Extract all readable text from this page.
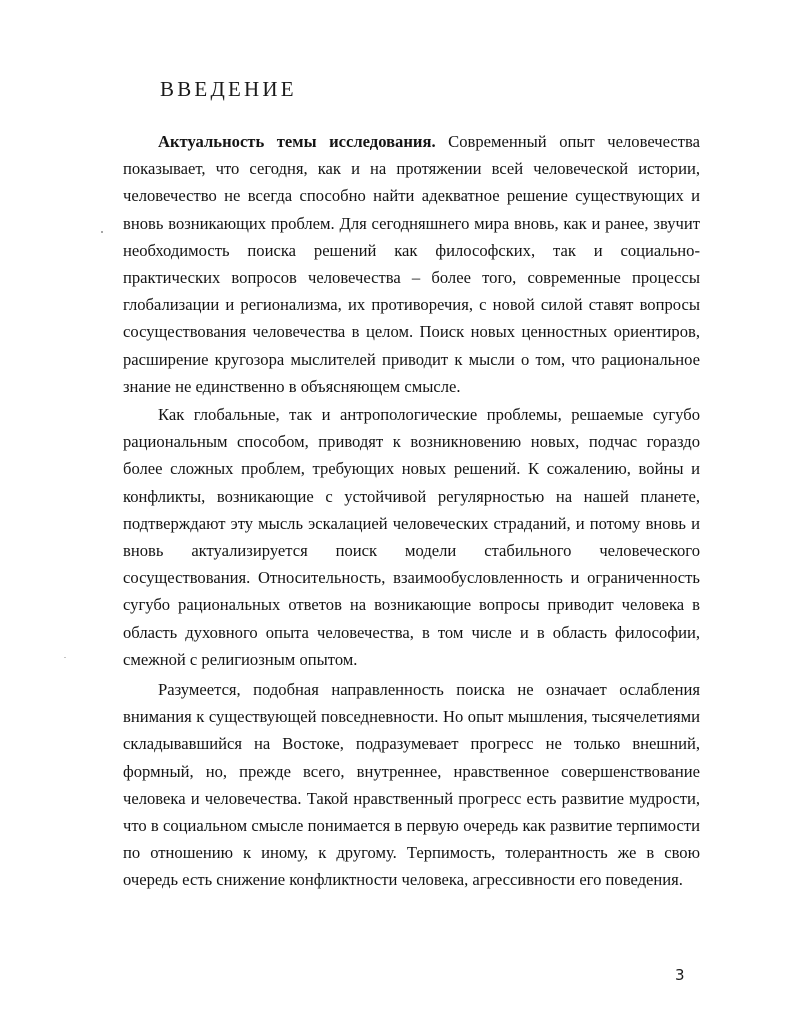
ВВЕДЕНИЕ

Актуальность темы исследования. Современный опыт человечества показывает, что сегодня, как и на протяжении всей человеческой истории, человечество не всегда способно найти адекватное решение существующих и вновь возникающих проблем. Для сегодняшнего мира вновь, как и ранее, звучит необходимость поиска решений как философских, так и социально-практических вопросов человечества – более того, современные процессы глобализации и регионализма, их противоречия, с новой силой ставят вопросы сосуществования человечества в целом. Поиск новых ценностных ориентиров, расширение кругозора мыслителей приводит к мысли о том, что рациональное знание не единственно в объясняющем смысле.

Как глобальные, так и антропологические проблемы, решаемые сугубо рациональным способом, приводят к возникновению новых, подчас гораздо более сложных проблем, требующих новых решений. К сожалению, войны и конфликты, возникающие с устойчивой регулярностью на нашей планете, подтверждают эту мысль эскалацией человеческих страданий, и потому вновь и вновь актуализируется поиск модели стабильного человеческого сосуществования. Относительность, взаимообусловленность и ограниченность сугубо рациональных ответов на возникающие вопросы приводит человека в область духовного опыта человечества, в том числе и в область философии, смежной с религиозным опытом.

Разумеется, подобная направленность поиска не означает ослабления внимания к существующей повседневности. Но опыт мышления, тысячелетиями складывавшийся на Востоке, подразумевает прогресс не только внешний, формный, но, прежде всего, внутреннее, нравственное совершенствование человека и человечества. Такой нравственный прогресс есть развитие мудрости, что в социальном смысле понимается в первую очередь как развитие терпимости по отношению к иному, к другому. Терпимость, толерантность же в свою очередь есть снижение конфликтности человека, агрессивности его поведения.

3
